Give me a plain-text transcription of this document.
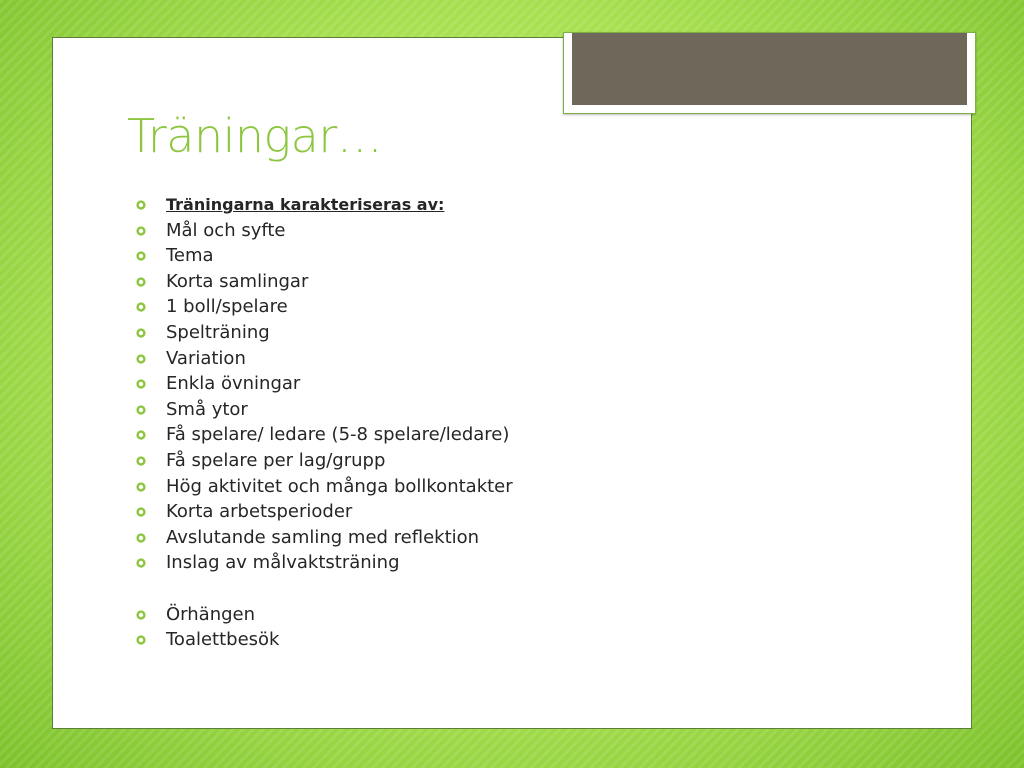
Träningar…
Träningarna karakteriseras av:
Mål och syfte
Tema
Korta samlingar
1 boll/spelare
Spelträning
Variation
Enkla övningar
Små ytor
Få spelare/ ledare (5-8 spelare/ledare)
Få spelare per lag/grupp
Hög aktivitet och många bollkontakter
Korta arbetsperioder
Avslutande samling med reflektion
Inslag av målvaktsträning
Örhängen
Toalettbesök
